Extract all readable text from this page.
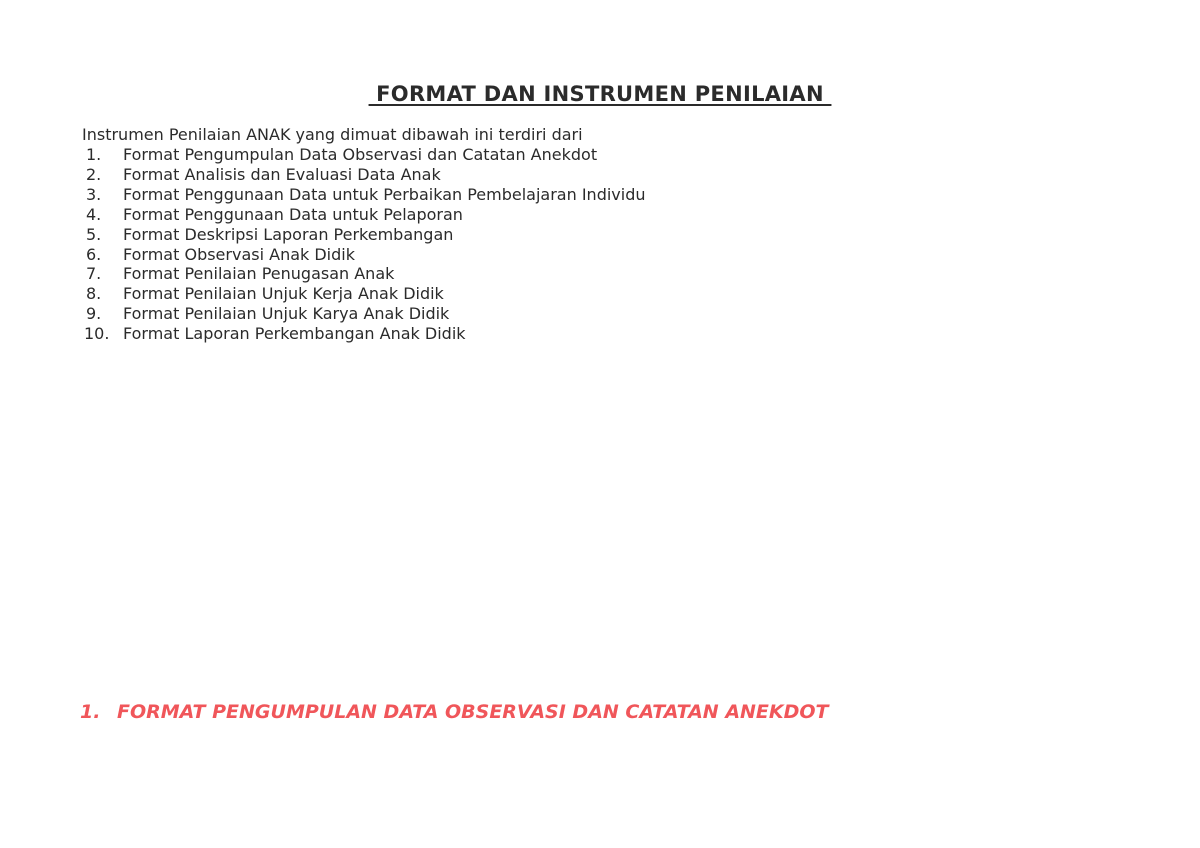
FORMAT DAN INSTRUMEN PENILAIAN

Instrumen Penilaian ANAK yang dimuat dibawah ini terdiri dari

1.	Format Pengumpulan Data Observasi dan Catatan Anekdot
2.	Format Analisis dan Evaluasi Data Anak
3.	Format Penggunaan Data untuk Perbaikan Pembelajaran Individu
4.	Format Penggunaan Data untuk Pelaporan
5.	Format Deskripsi Laporan Perkembangan
6.	Format Observasi Anak Didik
7.	Format Penilaian Penugasan Anak
8.	Format Penilaian Unjuk Kerja Anak Didik
9.	Format Penilaian Unjuk Karya Anak Didik
10. Format Laporan Perkembangan Anak Didik
1. FORMAT PENGUMPULAN DATA OBSERVASI DAN CATATAN ANEKDOT
